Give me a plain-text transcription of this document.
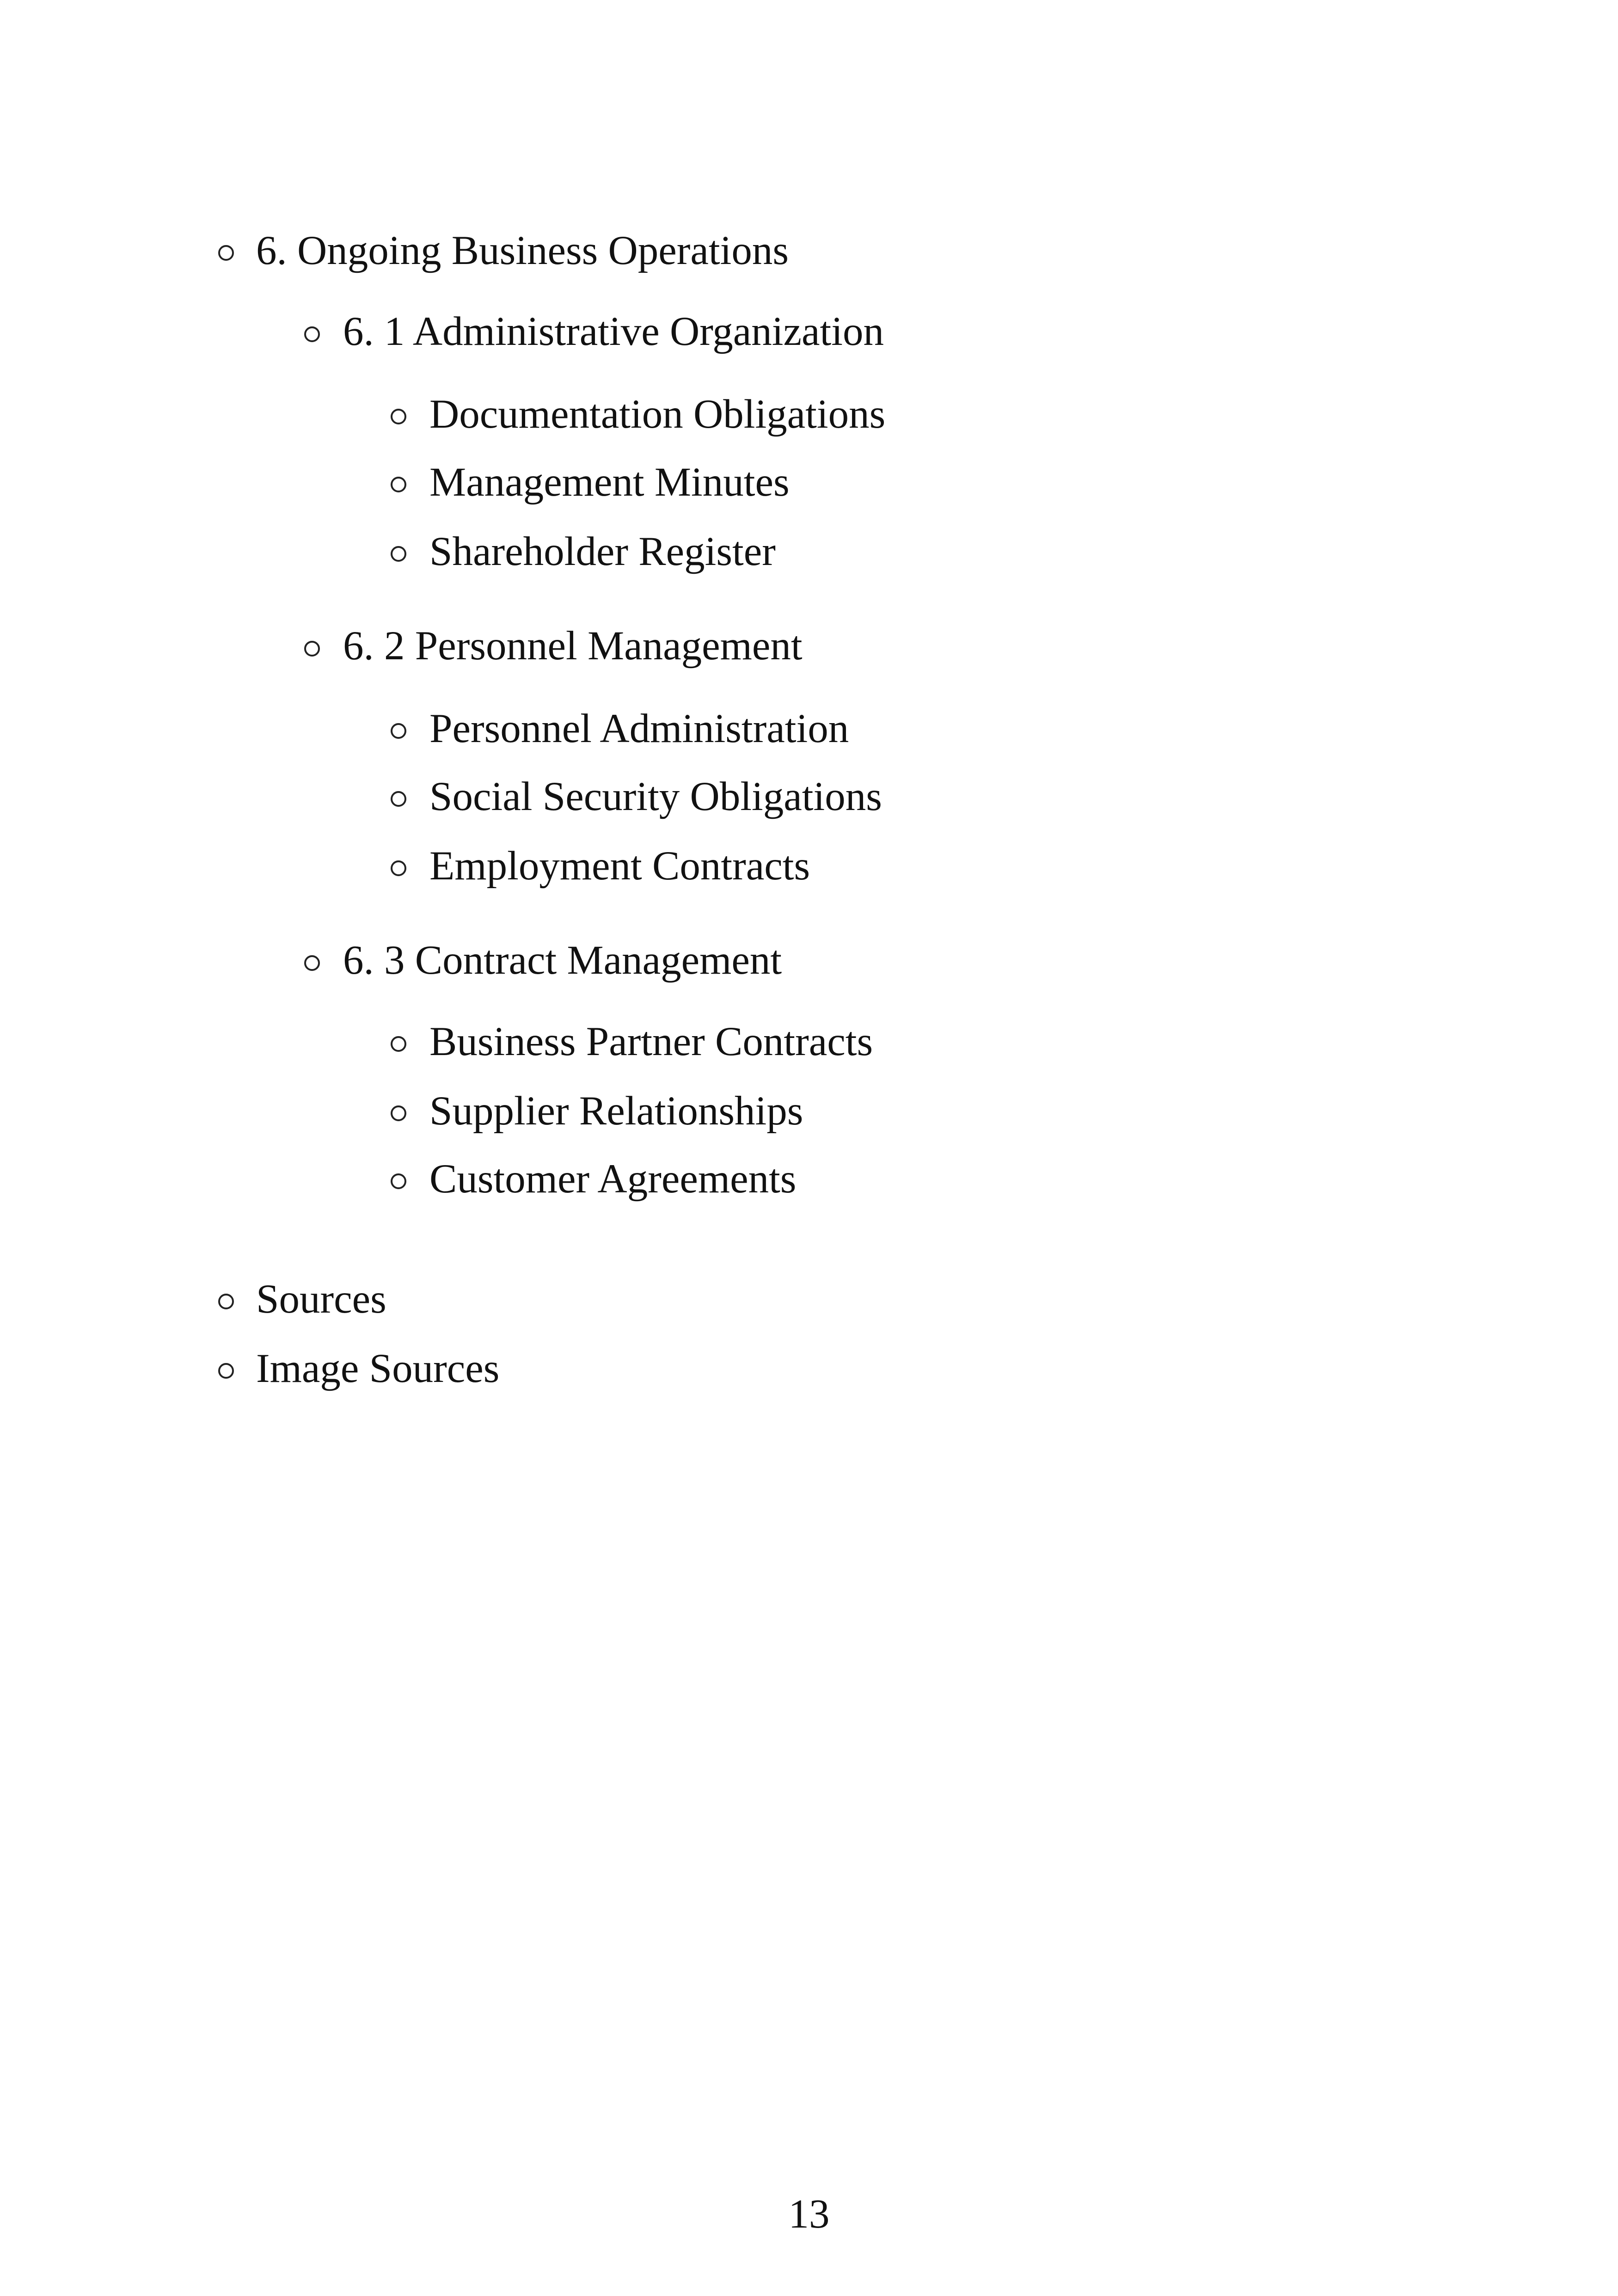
6. Ongoing Business Operations
6. 1 Administrative Organization
Documentation Obligations
Management Minutes
Shareholder Register
6. 2 Personnel Management
Personnel Administration
Social Security Obligations
Employment Contracts
6. 3 Contract Management
Business Partner Contracts
Supplier Relationships
Customer Agreements
Sources
Image Sources
13
